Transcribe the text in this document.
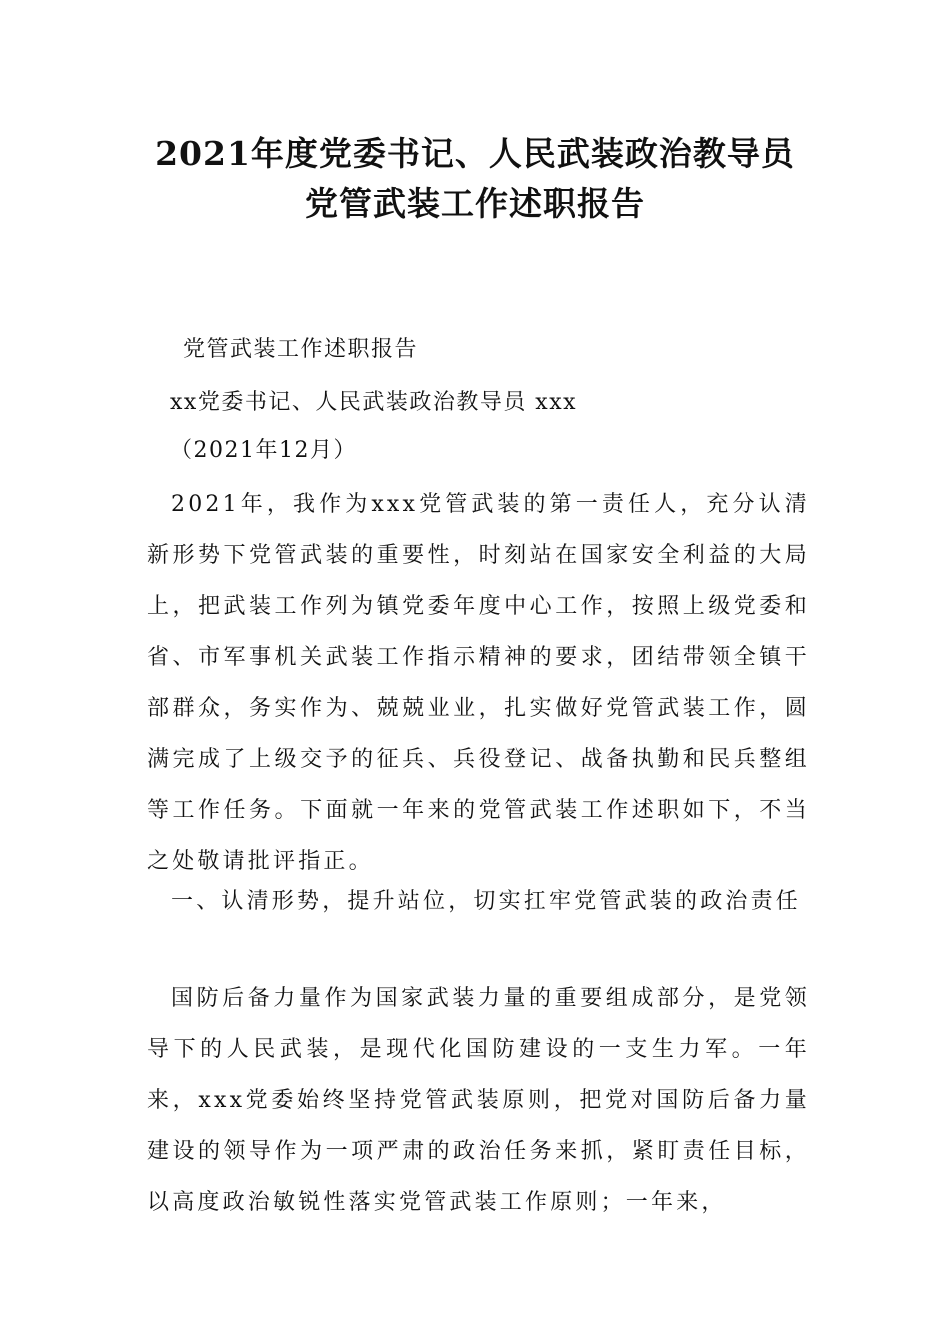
2021年度党委书记、人民武装政治教导员
党管武装工作述职报告
党管武装工作述职报告
xx党委书记、人民武装政治教导员 xxx
（2021年12月）

2021年，我作为xxx党管武装的第一责任人，充分认清新形势下党管武装的重要性，时刻站在国家安全利益的大局上，把武装工作列为镇党委年度中心工作，按照上级党委和省、市军事机关武装工作指示精神的要求，团结带领全镇干部群众，务实作为、兢兢业业，扎实做好党管武装工作，圆满完成了上级交予的征兵、兵役登记、战备执勤和民兵整组等工作任务。下面就一年来的党管武装工作述职如下，不当之处敬请批评指正。

一、认清形势，提升站位，切实扛牢党管武装的政治责任

国防后备力量作为国家武装力量的重要组成部分，是党领导下的人民武装，是现代化国防建设的一支生力军。一年来，xxx党委始终坚持党管武装原则，把党对国防后备力量建设的领导作为一项严肃的政治任务来抓，紧盯责任目标，以高度政治敏锐性落实党管武装工作原则；一年来，
